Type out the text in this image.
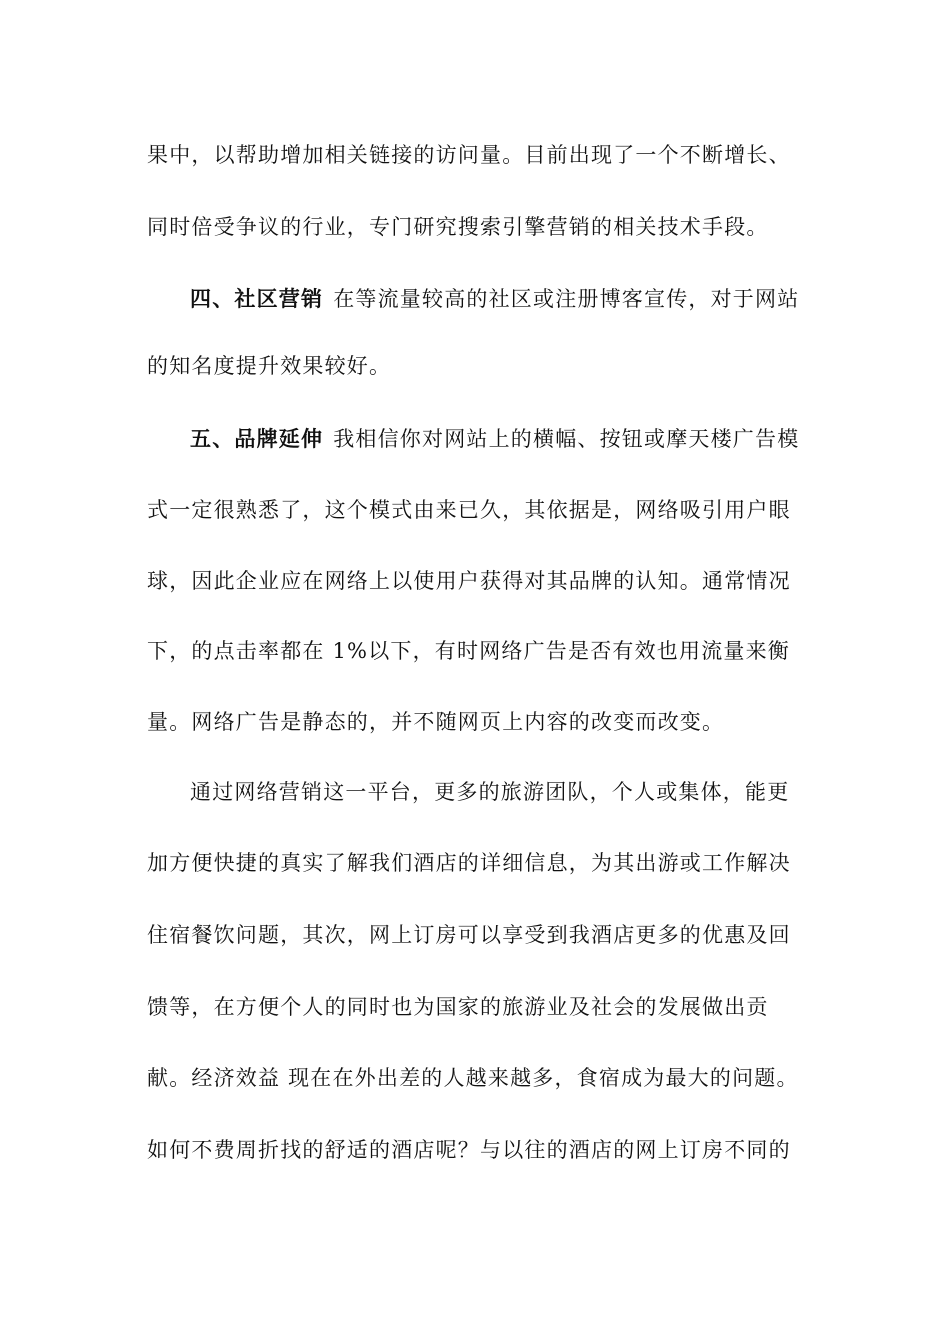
果中，以帮助增加相关链接的访问量。目前出现了一个不断增长、
同时倍受争议的行业，专门研究搜索引擎营销的相关技术手段。
四、社区营销 在等流量较高的社区或注册博客宣传，对于网站
的知名度提升效果较好。
五、品牌延伸 我相信你对网站上的横幅、按钮或摩天楼广告模
式一定很熟悉了，这个模式由来已久，其依据是，网络吸引用户眼
球，因此企业应在网络上以使用户获得对其品牌的认知。通常情况
下，的点击率都在 1%以下，有时网络广告是否有效也用流量来衡
量。网络广告是静态的，并不随网页上内容的改变而改变。
通过网络营销这一平台，更多的旅游团队，个人或集体，能更
加方便快捷的真实了解我们酒店的详细信息，为其出游或工作解决
住宿餐饮问题，其次，网上订房可以享受到我酒店更多的优惠及回
馈等，在方便个人的同时也为国家的旅游业及社会的发展做出贡
献。经济效益 现在在外出差的人越来越多，食宿成为最大的问题。
如何不费周折找的舒适的酒店呢？与以往的酒店的网上订房不同的
